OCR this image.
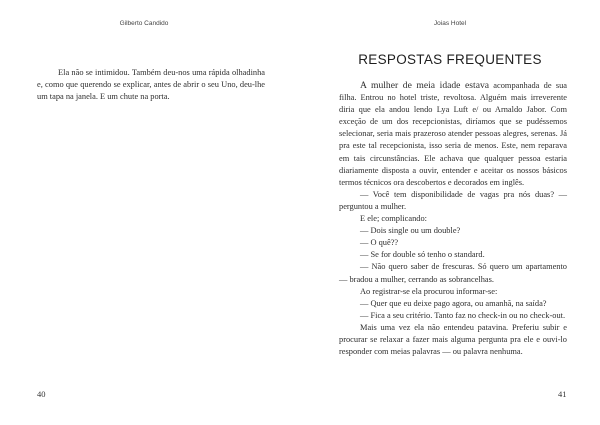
Gilberto Candido

Ela não se intimidou. Também deu-nos uma rápida olhadinha e, como que querendo se explicar, antes de abrir o seu Uno, deu-lhe um tapa na janela. E um chute na porta.

40
Joias Hotel
RESPOSTAS FREQUENTES

A mulher de meia idade estava acompanhada de sua filha. Entrou no hotel triste, revoltosa. Alguém mais irreverente diria que ela andou lendo Lya Luft e/ ou Arnaldo Jabor. Com exceção de um dos recepcionistas, diríamos que se pudéssemos selecionar, seria mais prazeroso atender pessoas alegres, serenas. Já pra este tal recepcionista, isso seria de menos. Este, nem reparava em tais circunstâncias. Ele achava que qualquer pessoa estaria diariamente disposta a ouvir, entender e aceitar os nossos básicos termos técnicos ora descobertos e decorados em inglês.

— Você tem disponibilidade de vagas pra nós duas? — perguntou a mulher.

E ele; complicando:

— Dois single ou um double?

— O quê??

— Se for double só tenho o standard.

— Não quero saber de frescuras. Só quero um apartamento — bradou a mulher, cerrando as sobrancelhas.

Ao registrar-se ela procurou informar-se:

— Quer que eu deixe pago agora, ou amanhã, na saída?

— Fica a seu critério. Tanto faz no check-in ou no check-out.

Mais uma vez ela não entendeu patavina. Preferiu subir e procurar se relaxar a fazer mais alguma pergunta pra ele e ouvi-lo responder com meias palavras — ou palavra nenhuma.

41
